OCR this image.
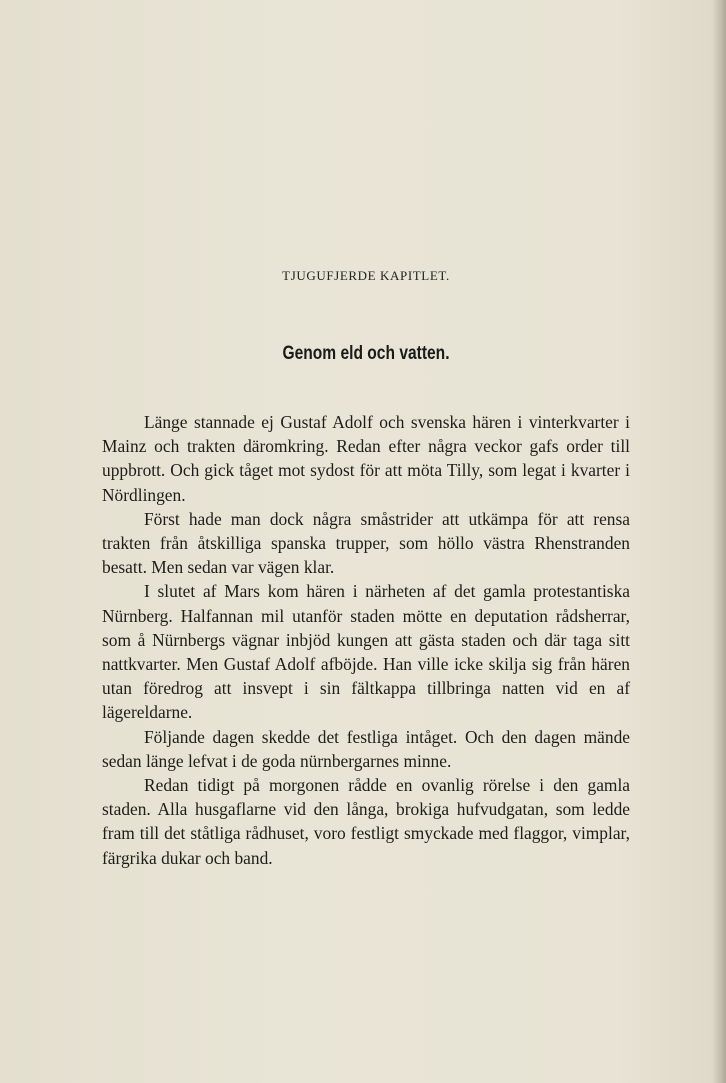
TJUGUFJERDE KAPITLET.
Genom eld och vatten.

Länge stannade ej Gustaf Adolf och svenska hären i vinterkvarter i Mainz och trakten däromkring. Redan efter några veckor gafs order till uppbrott. Och gick tåget mot sydost för att möta Tilly, som legat i kvarter i Nördlingen.

Först hade man dock några småstrider att utkämpa för att rensa trakten från åtskilliga spanska trupper, som höllo västra Rhenstranden besatt. Men sedan var vägen klar.

I slutet af Mars kom hären i närheten af det gamla protestantiska Nürnberg. Halfannan mil utanför staden mötte en deputation rådsherrar, som å Nürnbergs vägnar inbjöd kungen att gästa staden och där taga sitt nattkvarter. Men Gustaf Adolf afböjde. Han ville icke skilja sig från hären utan föredrog att insvept i sin fältkappa tillbringa natten vid en af lägereldarne.

Följande dagen skedde det festliga intåget. Och den dagen mände sedan länge lefvat i de goda nürnbergarnes minne.

Redan tidigt på morgonen rådde en ovanlig rörelse i den gamla staden. Alla husgaflarne vid den långa, brokiga hufvudgatan, som ledde fram till det ståtliga rådhuset, voro festligt smyckade med flaggor, vimplar, färgrika dukar och band.
